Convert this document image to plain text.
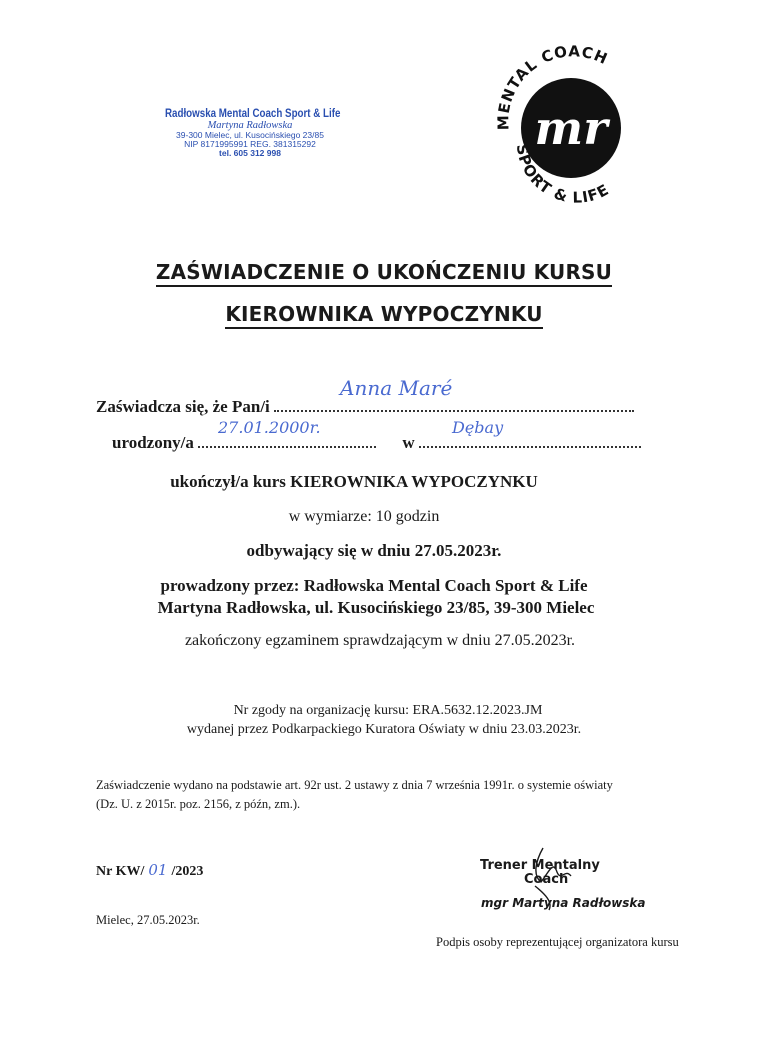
Radłowska Mental Coach Sport & Life
Martyna Radłowska
39-300 Mielec, ul. Kusocińskiego 23/85
NIP 8171995991 REG. 381315292
tel. 605 312 998
MENTAL COACH
SPORT & LIFE
mr
ZAŚWIADCZENIE O UKOŃCZENIU KURSU
KIEROWNIKA WYPOCZYNKU
Zaświadcza się, że Pan/i
Anna Maré
urodzony/a	w
27.01.2000r.	Dębay
ukończył/a kurs KIEROWNIKA WYPOCZYNKU
w wymiarze: 10 godzin
odbywający się w dniu 27.05.2023r.
prowadzony przez: Radłowska Mental Coach Sport & Life
Martyna Radłowska, ul. Kusocińskiego 23/85, 39-300 Mielec
zakończony egzaminem sprawdzającym w dniu 27.05.2023r.
Nr zgody na organizację kursu: ERA.5632.12.2023.JM
wydanej przez Podkarpackiego Kuratora Oświaty w dniu 23.03.2023r.
Zaświadczenie wydano na podstawie art. 92r ust. 2 ustawy z dnia 7 września 1991r. o systemie oświaty
(Dz. U. z 2015r. poz. 2156, z późn, zm.).
Nr KW/ 01 /2023	Trener Mentalny
Coach
mgr Martyna Radłowska
Podpis osoby reprezentującej organizatora kursu
Mielec, 27.05.2023r.
